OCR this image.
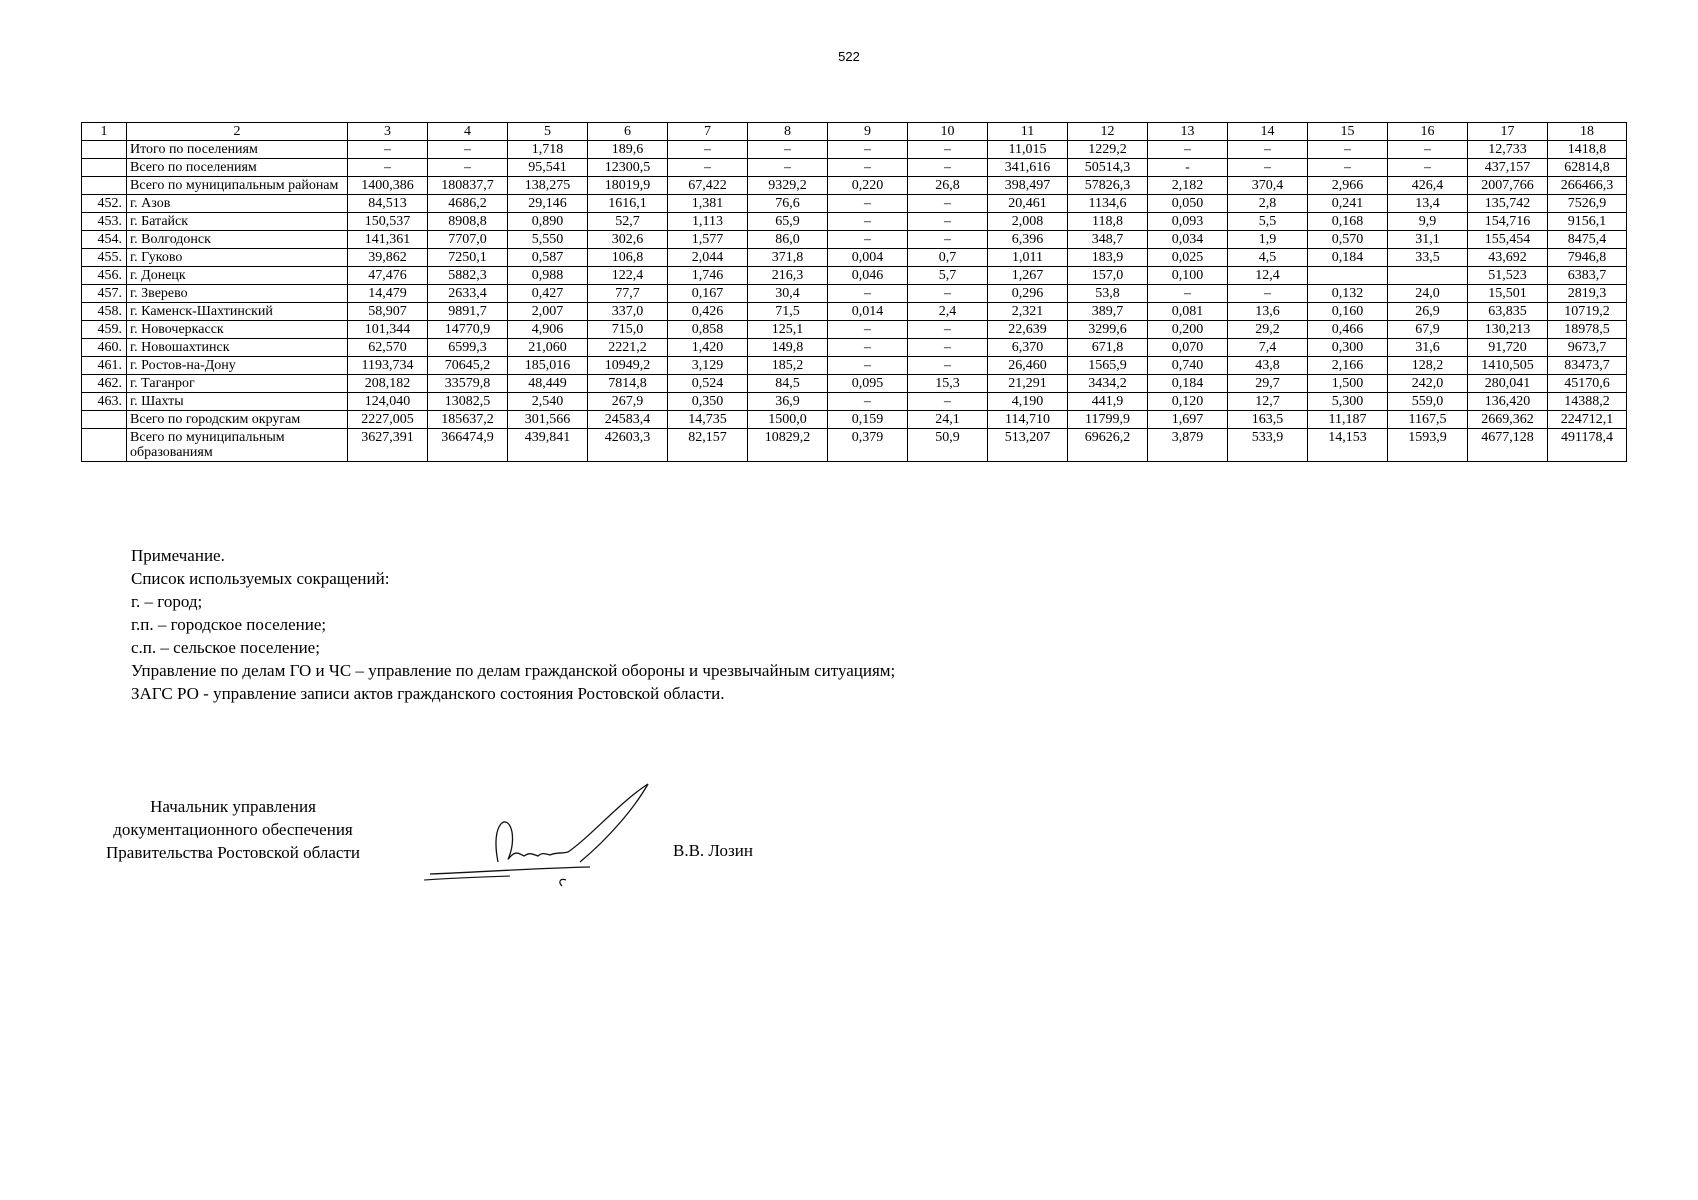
522
1	2	3	4	5	6	7	8	9	10	11	12	13	14	15	16	17	18
	Итого по поселениям	–	–	1,718	189,6	–	–	–	–	11,015	1229,2	–	–	–	–	12,733	1418,8
	Всего по поселениям	–	–	95,541	12300,5	–	–	–	–	341,616	50514,3	-	–	–	–	437,157	62814,8
	Всего по муниципальным районам	1400,386	180837,7	138,275	18019,9	67,422	9329,2	0,220	26,8	398,497	57826,3	2,182	370,4	2,966	426,4	2007,766	266466,3
452.	г. Азов	84,513	4686,2	29,146	1616,1	1,381	76,6	–	–	20,461	1134,6	0,050	2,8	0,241	13,4	135,742	7526,9
453.	г. Батайск	150,537	8908,8	0,890	52,7	1,113	65,9	–	–	2,008	118,8	0,093	5,5	0,168	9,9	154,716	9156,1
454.	г. Волгодонск	141,361	7707,0	5,550	302,6	1,577	86,0	–	–	6,396	348,7	0,034	1,9	0,570	31,1	155,454	8475,4
455.	г. Гуково	39,862	7250,1	0,587	106,8	2,044	371,8	0,004	0,7	1,011	183,9	0,025	4,5	0,184	33,5	43,692	7946,8
456.	г. Донецк	47,476	5882,3	0,988	122,4	1,746	216,3	0,046	5,7	1,267	157,0	0,100	12,4			51,523	6383,7
457.	г. Зверево	14,479	2633,4	0,427	77,7	0,167	30,4	–	–	0,296	53,8	–	–	0,132	24,0	15,501	2819,3
458.	г. Каменск-Шахтинский	58,907	9891,7	2,007	337,0	0,426	71,5	0,014	2,4	2,321	389,7	0,081	13,6	0,160	26,9	63,835	10719,2
459.	г. Новочеркасск	101,344	14770,9	4,906	715,0	0,858	125,1	–	–	22,639	3299,6	0,200	29,2	0,466	67,9	130,213	18978,5
460.	г. Новошахтинск	62,570	6599,3	21,060	2221,2	1,420	149,8	–	–	6,370	671,8	0,070	7,4	0,300	31,6	91,720	9673,7
461.	г. Ростов-на-Дону	1193,734	70645,2	185,016	10949,2	3,129	185,2	–	–	26,460	1565,9	0,740	43,8	2,166	128,2	1410,505	83473,7
462.	г. Таганрог	208,182	33579,8	48,449	7814,8	0,524	84,5	0,095	15,3	21,291	3434,2	0,184	29,7	1,500	242,0	280,041	45170,6
463.	г. Шахты	124,040	13082,5	2,540	267,9	0,350	36,9	–	–	4,190	441,9	0,120	12,7	5,300	559,0	136,420	14388,2
	Всего по городским округам	2227,005	185637,2	301,566	24583,4	14,735	1500,0	0,159	24,1	114,710	11799,9	1,697	163,5	11,187	1167,5	2669,362	224712,1
	Всего по муниципальным образованиям	3627,391	366474,9	439,841	42603,3	82,157	10829,2	0,379	50,9	513,207	69626,2	3,879	533,9	14,153	1593,9	4677,128	491178,4
Примечание.
Список используемых сокращений:
г. – город;
г.п. – городское поселение;
с.п. – сельское поселение;
Управление по делам ГО и ЧС – управление по делам гражданской обороны и чрезвычайным ситуациям;
ЗАГС РО - управление записи актов гражданского состояния Ростовской области.
Начальник управления
документационного обеспечения
Правительства Ростовской области	В.В. Лозин
